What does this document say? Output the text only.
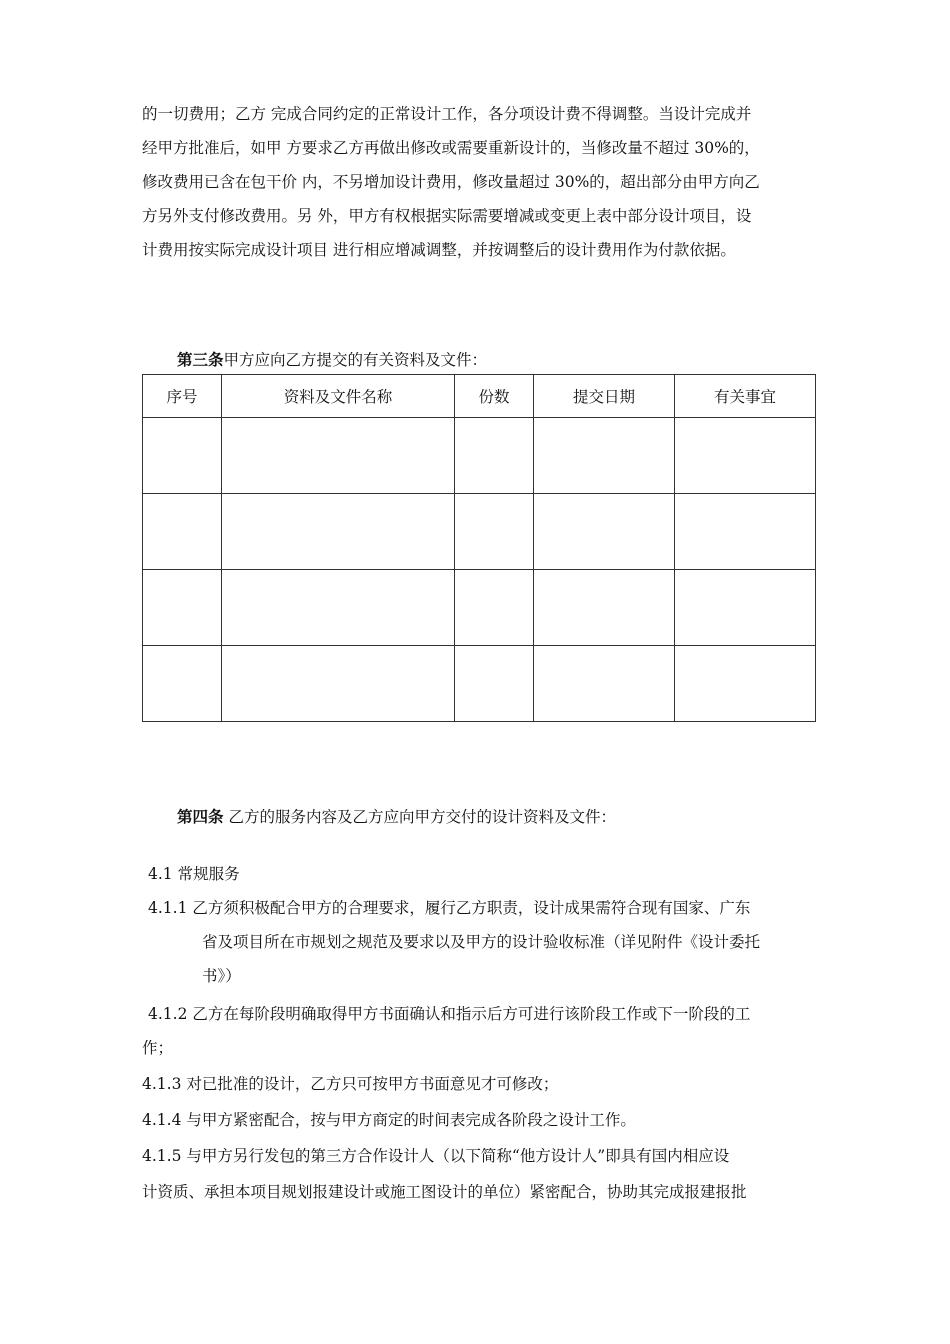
的一切费用；乙方 完成合同约定的正常设计工作，各分项设计费不得调整。当设计完成并
经甲方批准后，如甲 方要求乙方再做出修改或需要重新设计的，当修改量不超过 30%的，
修改费用已含在包干价 内，不另增加设计费用，修改量超过 30%的，超出部分由甲方向乙
方另外支付修改费用。另 外，甲方有权根据实际需要增减或变更上表中部分设计项目，设
计费用按实际完成设计项目 进行相应增减调整，并按调整后的设计费用作为付款依据。
第三条甲方应向乙方提交的有关资料及文件：
序号	资料及文件名称	份数	提交日期	有关事宜

第四条 乙方的服务内容及乙方应向甲方交付的设计资料及文件：
4.1 常规服务
4.1.1 乙方须积极配合甲方的合理要求，履行乙方职责，设计成果需符合现有国家、广东
省及项目所在市规划之规范及要求以及甲方的设计验收标准（详见附件《设计委托
书》）
4.1.2 乙方在每阶段明确取得甲方书面确认和指示后方可进行该阶段工作或下一阶段的工
作；
4.1.3 对已批准的设计，乙方只可按甲方书面意见才可修改；
4.1.4 与甲方紧密配合，按与甲方商定的时间表完成各阶段之设计工作。
4.1.5 与甲方另行发包的第三方合作设计人（以下简称“他方设计人”即具有国内相应设
计资质、承担本项目规划报建设计或施工图设计的单位）紧密配合，协助其完成报建报批
